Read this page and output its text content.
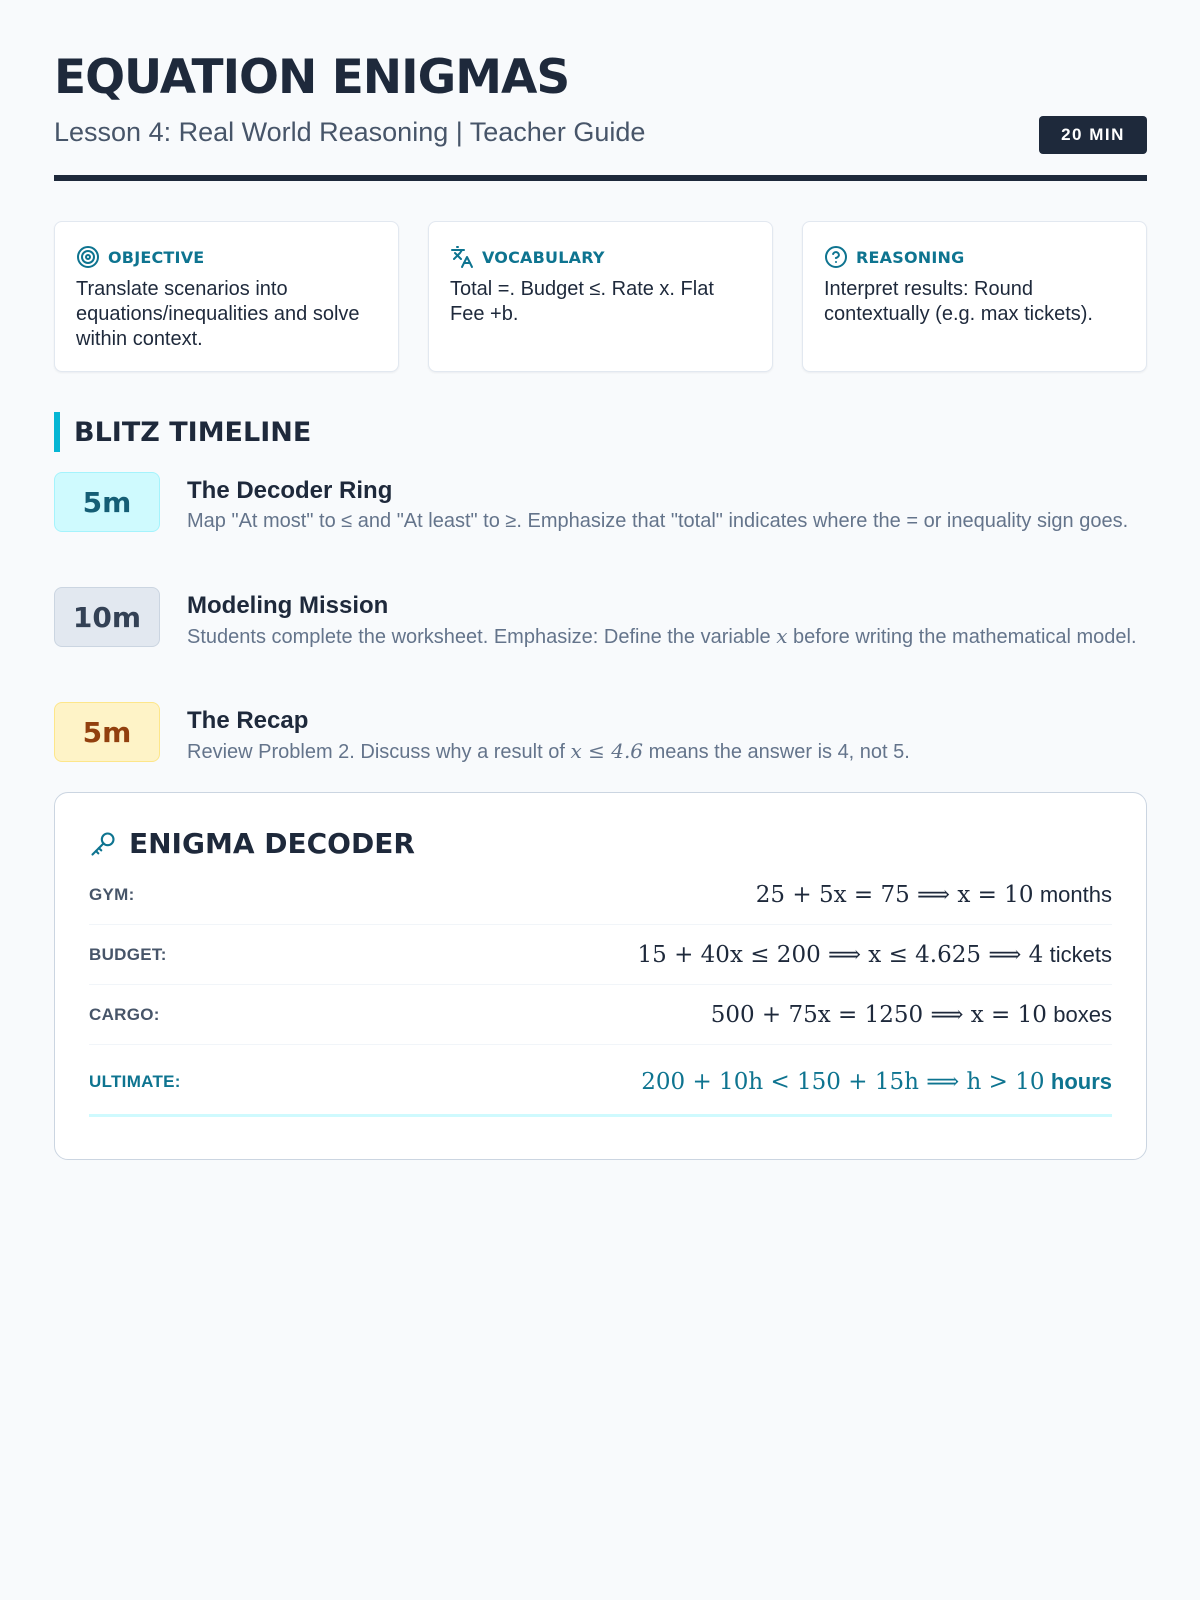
EQUATION ENIGMAS
Lesson 4: Real World Reasoning | Teacher Guide	20 MIN
OBJECTIVE
Translate scenarios into equations/inequalities and solve within context.
VOCABULARY
Total =. Budget ≤. Rate x. Flat Fee +b.
REASONING
Interpret results: Round contextually (e.g. max tickets).
BLITZ TIMELINE
5m	The Decoder Ring
Map "At most" to ≤ and "At least" to ≥. Emphasize that "total" indicates where the = or inequality sign goes.
10m	Modeling Mission
Students complete the worksheet. Emphasize: Define the variable x before writing the mathematical model.
5m	The Recap
Review Problem 2. Discuss why a result of x ≤ 4.6 means the answer is 4, not 5.
ENIGMA DECODER
GYM:	25 + 5x = 75 ⟹ x = 10 months
BUDGET:	15 + 40x ≤ 200 ⟹ x ≤ 4.625 ⟹ 4 tickets
CARGO:	500 + 75x = 1250 ⟹ x = 10 boxes
ULTIMATE:	200 + 10h < 150 + 15h ⟹ h > 10 hours
